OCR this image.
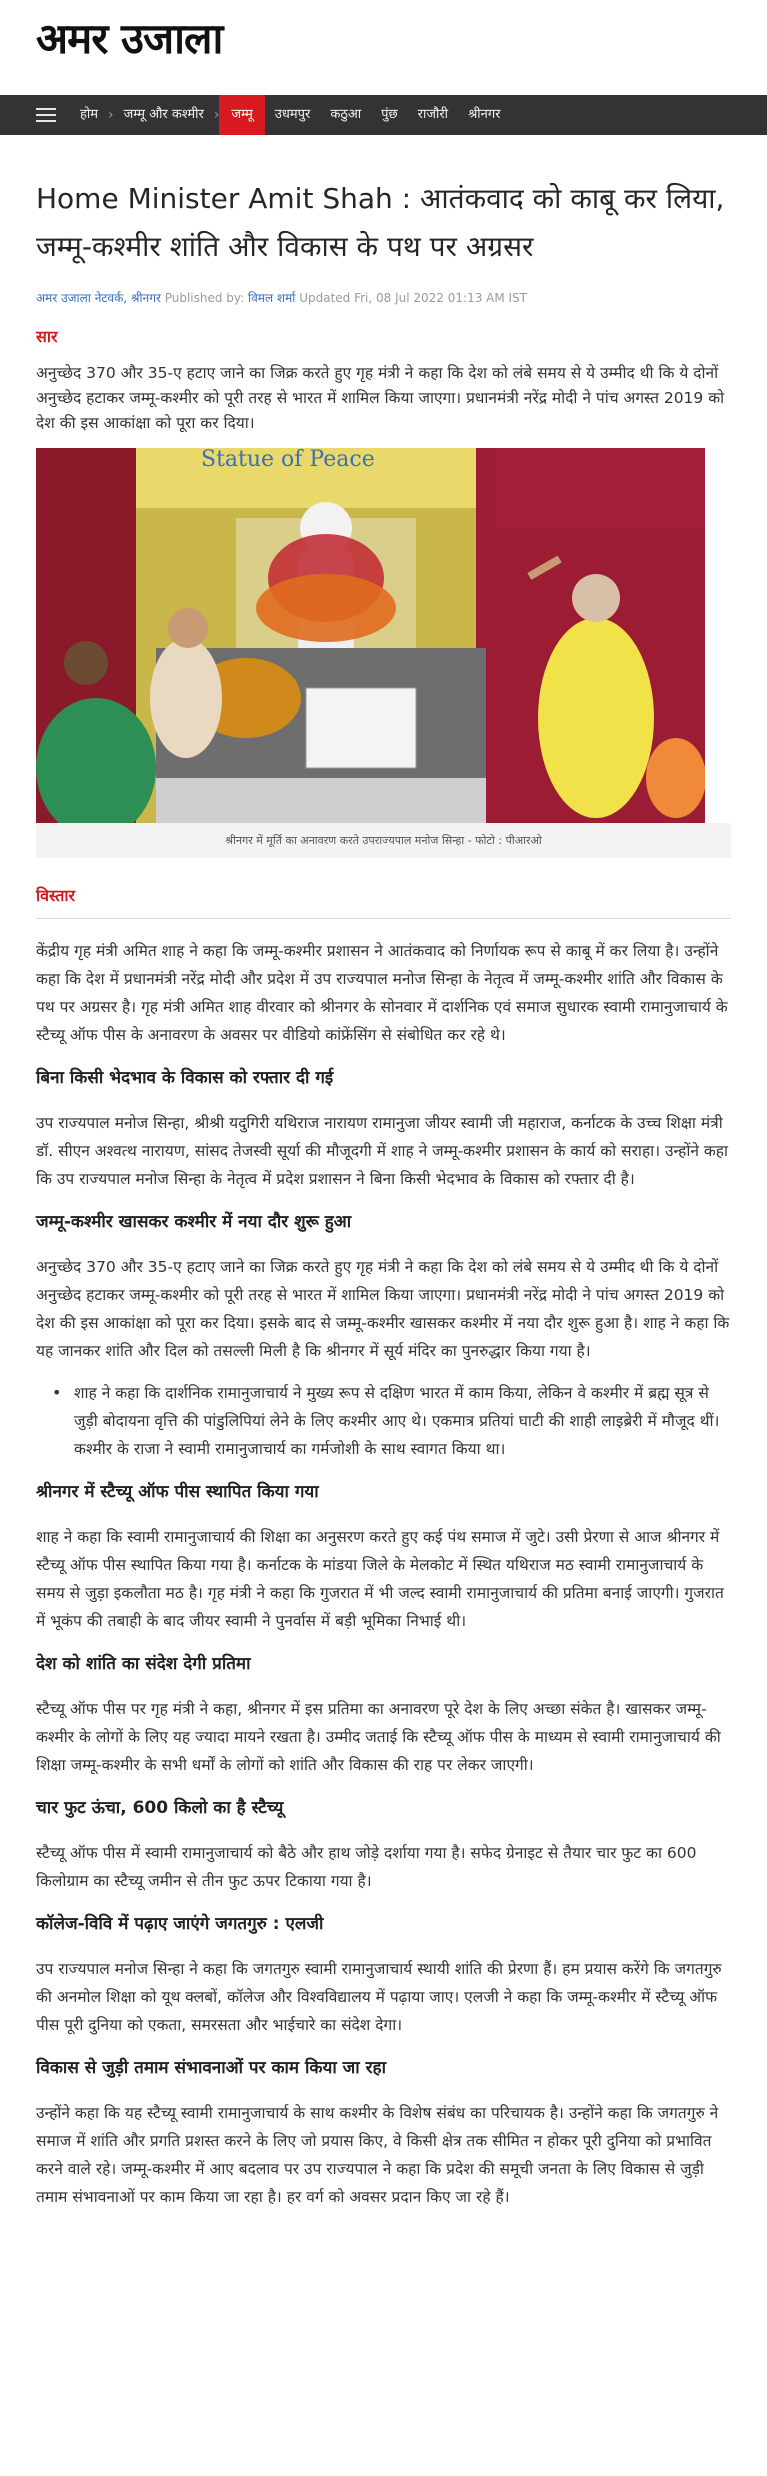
अमर उजाला
होम › जम्मू और कश्मीर › जम्मू	उधमपुर	कठुआ	पुंछ	राजौरी	श्रीनगर
Home Minister Amit Shah : आतंकवाद को काबू कर लिया, जम्मू-कश्मीर शांति और विकास के पथ पर अग्रसर
अमर उजाला नेटवर्क, श्रीनगर Published by: विमल शर्मा Updated Fri, 08 Jul 2022 01:13 AM IST
सार

अनुच्छेद 370 और 35-ए हटाए जाने का जिक्र करते हुए गृह मंत्री ने कहा कि देश को लंबे समय से ये उम्मीद थी कि ये दोनों अनुच्छेद हटाकर जम्मू-कश्मीर को पूरी तरह से भारत में शामिल किया जाएगा। प्रधानमंत्री नरेंद्र मोदी ने पांच अगस्त 2019 को देश की इस आकांक्षा को पूरा कर दिया।

Statue of Peace
श्रीनगर में मूर्ति का अनावरण करते उपराज्यपाल मनोज सिन्हा - फोटो : पीआरओ
विस्तार

केंद्रीय गृह मंत्री अमित शाह ने कहा कि जम्मू-कश्मीर प्रशासन ने आतंकवाद को निर्णायक रूप से काबू में कर लिया है। उन्होंने कहा कि देश में प्रधानमंत्री नरेंद्र मोदी और प्रदेश में उप राज्यपाल मनोज सिन्हा के नेतृत्व में जम्मू-कश्मीर शांति और विकास के पथ पर अग्रसर है। गृह मंत्री अमित शाह वीरवार को श्रीनगर के सोनवार में दार्शनिक एवं समाज सुधारक स्वामी रामानुजाचार्य के स्टैच्यू ऑफ पीस के अनावरण के अवसर पर वीडियो कांफ्रेंसिंग से संबोधित कर रहे थे।

बिना किसी भेदभाव के विकास को रफ्तार दी गई

उप राज्यपाल मनोज सिन्हा, श्रीश्री यदुगिरी यथिराज नारायण रामानुजा जीयर स्वामी जी महाराज, कर्नाटक के उच्च शिक्षा मंत्री डॉ. सीएन अश्वत्थ नारायण, सांसद तेजस्वी सूर्या की मौजूदगी में शाह ने जम्मू-कश्मीर प्रशासन के कार्य को सराहा। उन्होंने कहा कि उप राज्यपाल मनोज सिन्हा के नेतृत्व में प्रदेश प्रशासन ने बिना किसी भेदभाव के विकास को रफ्तार दी है।

जम्मू-कश्मीर खासकर कश्मीर में नया दौर शुरू हुआ

अनुच्छेद 370 और 35-ए हटाए जाने का जिक्र करते हुए गृह मंत्री ने कहा कि देश को लंबे समय से ये उम्मीद थी कि ये दोनों अनुच्छेद हटाकर जम्मू-कश्मीर को पूरी तरह से भारत में शामिल किया जाएगा। प्रधानमंत्री नरेंद्र मोदी ने पांच अगस्त 2019 को देश की इस आकांक्षा को पूरा कर दिया। इसके बाद से जम्मू-कश्मीर खासकर कश्मीर में नया दौर शुरू हुआ है। शाह ने कहा कि यह जानकर शांति और दिल को तसल्ली मिली है कि श्रीनगर में सूर्य मंदिर का पुनरुद्धार किया गया है।

• शाह ने कहा कि दार्शनिक रामानुजाचार्य ने मुख्य रूप से दक्षिण भारत में काम किया, लेकिन वे कश्मीर में ब्रह्म सूत्र से जुड़ी बोदायना वृत्ति की पांडुलिपियां लेने के लिए कश्मीर आए थे। एकमात्र प्रतियां घाटी की शाही लाइब्रेरी में मौजूद थीं। कश्मीर के राजा ने स्वामी रामानुजाचार्य का गर्मजोशी के साथ स्वागत किया था।
श्रीनगर में स्टैच्यू ऑफ पीस स्थापित किया गया

शाह ने कहा कि स्वामी रामानुजाचार्य की शिक्षा का अनुसरण करते हुए कई पंथ समाज में जुटे। उसी प्रेरणा से आज श्रीनगर में स्टैच्यू ऑफ पीस स्थापित किया गया है। कर्नाटक के मांडया जिले के मेलकोट में स्थित यथिराज मठ स्वामी रामानुजाचार्य के समय से जुड़ा इकलौता मठ है। गृह मंत्री ने कहा कि गुजरात में भी जल्द स्वामी रामानुजाचार्य की प्रतिमा बनाई जाएगी। गुजरात में भूकंप की तबाही के बाद जीयर स्वामी ने पुनर्वास में बड़ी भूमिका निभाई थी।

देश को शांति का संदेश देगी प्रतिमा

स्टैच्यू ऑफ पीस पर गृह मंत्री ने कहा, श्रीनगर में इस प्रतिमा का अनावरण पूरे देश के लिए अच्छा संकेत है। खासकर जम्मू-कश्मीर के लोगों के लिए यह ज्यादा मायने रखता है। उम्मीद जताई कि स्टैच्यू ऑफ पीस के माध्यम से स्वामी रामानुजाचार्य की शिक्षा जम्मू-कश्मीर के सभी धर्मों के लोगों को शांति और विकास की राह पर लेकर जाएगी।

चार फुट ऊंचा, 600 किलो का है स्टैच्यू

स्टैच्यू ऑफ पीस में स्वामी रामानुजाचार्य को बैठे और हाथ जोड़े दर्शाया गया है। सफेद ग्रेनाइट से तैयार चार फुट का 600 किलोग्राम का स्टैच्यू जमीन से तीन फुट ऊपर टिकाया गया है।

कॉलेज-विवि में पढ़ाए जाएंगे जगतगुरु : एलजी

उप राज्यपाल मनोज सिन्हा ने कहा कि जगतगुरु स्वामी रामानुजाचार्य स्थायी शांति की प्रेरणा हैं। हम प्रयास करेंगे कि जगतगुरु की अनमोल शिक्षा को यूथ क्लबों, कॉलेज और विश्वविद्यालय में पढ़ाया जाए। एलजी ने कहा कि जम्मू-कश्मीर में स्टैच्यू ऑफ पीस पूरी दुनिया को एकता, समरसता और भाईचारे का संदेश देगा।

विकास से जुड़ी तमाम संभावनाओं पर काम किया जा रहा

उन्होंने कहा कि यह स्टैच्यू स्वामी रामानुजाचार्य के साथ कश्मीर के विशेष संबंध का परिचायक है। उन्होंने कहा कि जगतगुरु ने समाज में शांति और प्रगति प्रशस्त करने के लिए जो प्रयास किए, वे किसी क्षेत्र तक सीमित न होकर पूरी दुनिया को प्रभावित करने वाले रहे। जम्मू-कश्मीर में आए बदलाव पर उप राज्यपाल ने कहा कि प्रदेश की समूची जनता के लिए विकास से जुड़ी तमाम संभावनाओं पर काम किया जा रहा है। हर वर्ग को अवसर प्रदान किए जा रहे हैं।
